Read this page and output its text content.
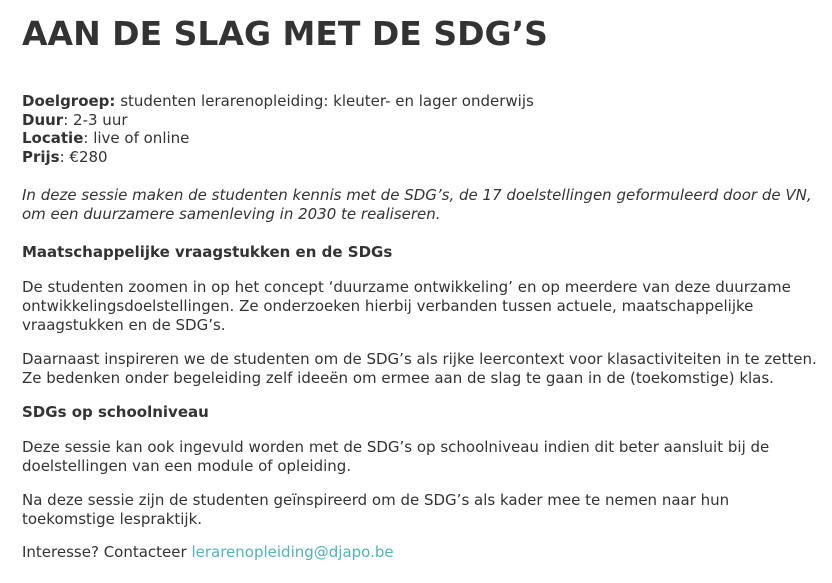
AAN DE SLAG MET DE SDG’S
Doelgroep: studenten lerarenopleiding: kleuter- en lager onderwijs
Duur: 2-3 uur
Locatie: live of online
Prijs: €280

In deze sessie maken de studenten kennis met de SDG’s, de 17 doelstellingen geformuleerd door de VN, om een duurzamere samenleving in 2030 te realiseren.

Maatschappelijke vraagstukken en de SDGs

De studenten zoomen in op het concept ‘duurzame ontwikkeling’ en op meerdere van deze duurzame ontwikkelingsdoelstellingen. Ze onderzoeken hierbij verbanden tussen actuele, maatschappelijke vraagstukken en de SDG’s.

Daarnaast inspireren we de studenten om de SDG’s als rijke leercontext voor klasactiviteiten in te zetten. Ze bedenken onder begeleiding zelf ideeën om ermee aan de slag te gaan in de (toekomstige) klas.

SDGs op schoolniveau

Deze sessie kan ook ingevuld worden met de SDG’s op schoolniveau indien dit beter aansluit bij de doelstellingen van een module of opleiding.

Na deze sessie zijn de studenten geïnspireerd om de SDG’s als kader mee te nemen naar hun toekomstige lespraktijk.

Interesse? Contacteer lerarenopleiding@djapo.be
